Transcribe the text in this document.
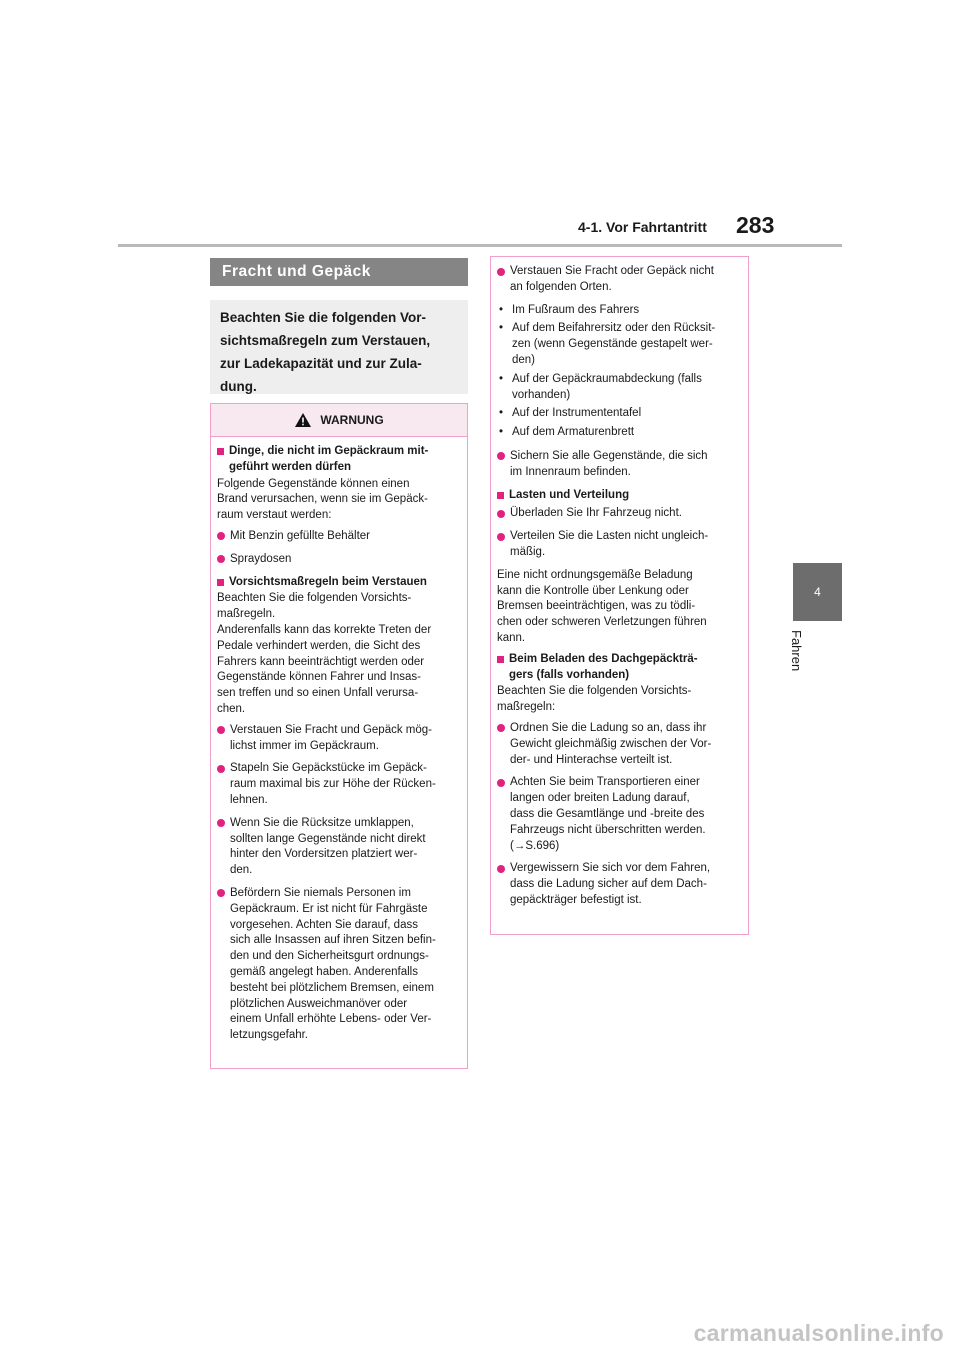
4-1. Vor Fahrtantritt 283
4
Fahren
Fracht und Gepäck
Beachten Sie die folgenden Vor-
sichtsmaßregeln zum Verstauen,
zur Ladekapazität und zur Zula-
dung.
WARNUNG
Dinge, die nicht im Gepäckraum mit-
geführt werden dürfen
Folgende Gegenstände können einen
Brand verursachen, wenn sie im Gepäck-
raum verstaut werden:
Mit Benzin gefüllte Behälter
Spraydosen
Vorsichtsmaßregeln beim Verstauen
Beachten Sie die folgenden Vorsichts-
maßregeln.
Anderenfalls kann das korrekte Treten der
Pedale verhindert werden, die Sicht des
Fahrers kann beeinträchtigt werden oder
Gegenstände können Fahrer und Insas-
sen treffen und so einen Unfall verursa-
chen.
Verstauen Sie Fracht und Gepäck mög-
lichst immer im Gepäckraum.
Stapeln Sie Gepäckstücke im Gepäck-
raum maximal bis zur Höhe der Rücken-
lehnen.
Wenn Sie die Rücksitze umklappen,
sollten lange Gegenstände nicht direkt
hinter den Vordersitzen platziert wer-
den.
Befördern Sie niemals Personen im
Gepäckraum. Er ist nicht für Fahrgäste
vorgesehen. Achten Sie darauf, dass
sich alle Insassen auf ihren Sitzen befin-
den und den Sicherheitsgurt ordnungs-
gemäß angelegt haben. Anderenfalls
besteht bei plötzlichem Bremsen, einem
plötzlichen Ausweichmanöver oder
einem Unfall erhöhte Lebens- oder Ver-
letzungsgefahr.
Verstauen Sie Fracht oder Gepäck nicht
an folgenden Orten.
• Im Fußraum des Fahrers
• Auf dem Beifahrersitz oder den Rücksit-
zen (wenn Gegenstände gestapelt wer-
den)
• Auf der Gepäckraumabdeckung (falls
vorhanden)
• Auf der Instrumententafel
• Auf dem Armaturenbrett
Sichern Sie alle Gegenstände, die sich
im Innenraum befinden.
Lasten und Verteilung
Überladen Sie Ihr Fahrzeug nicht.
Verteilen Sie die Lasten nicht ungleich-
mäßig.
Eine nicht ordnungsgemäße Beladung
kann die Kontrolle über Lenkung oder
Bremsen beeinträchtigen, was zu tödli-
chen oder schweren Verletzungen führen
kann.
Beim Beladen des Dachgepäckträ-
gers (falls vorhanden)
Beachten Sie die folgenden Vorsichts-
maßregeln:
Ordnen Sie die Ladung so an, dass ihr
Gewicht gleichmäßig zwischen der Vor-
der- und Hinterachse verteilt ist.
Achten Sie beim Transportieren einer
langen oder breiten Ladung darauf,
dass die Gesamtlänge und -breite des
Fahrzeugs nicht überschritten werden.
(→S.696)
Vergewissern Sie sich vor dem Fahren,
dass die Ladung sicher auf dem Dach-
gepäckträger befestigt ist.
carmanualsonline.info
